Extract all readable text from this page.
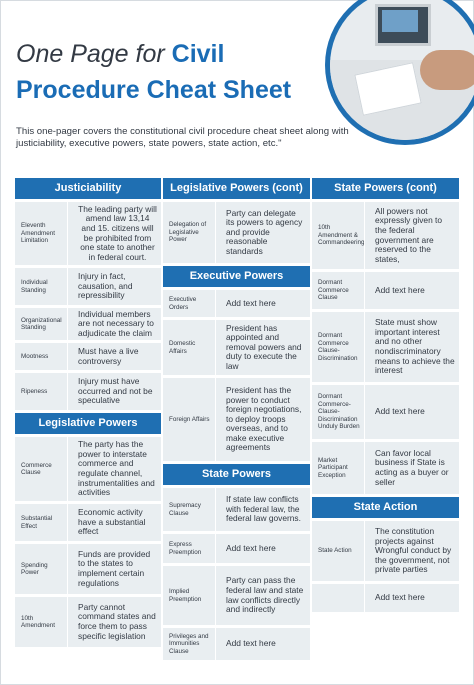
One Page for Civil
Procedure Cheat Sheet

This one-pager covers the constitutional civil procedure cheat sheet along with justiciability, executive powers, state powers, state action, etc."

Justiciability
Eleventh Amendment Limitation
The leading party will amend law 13,14 and 15. citizens will be prohibited from one state to another in federal court.
Individual Standing
Injury in fact, causation, and repressibility
Organizational Standing
Individual members are not necessary to adjudicate the claim
Mootness
Must have a live controversy
Ripeness
Injury must have occurred and not be speculative
Legislative Powers
Commerce Clause
The party has the power to interstate commerce and regulate channel, instrumentalities and activities
Substantial Effect
Economic activity have a substantial effect
Spending Power
Funds are provided to the states to implement certain regulations
10th Amendment
Party cannot command states and force them to pass specific legislation
Legislative Powers (cont)
Delegation of Legislative Power
Party can delegate its powers to agency and provide reasonable standards
Executive Powers
Executive Orders	Add text here
Domestic Affairs
President has appointed and removal powers and duty to execute the law
Foreign Affairs
President has the power to conduct foreign negotiations, to deploy troops overseas, and to make executive agreements
State Powers
Supremacy Clause
If state law conflicts with federal law, the federal law governs.
Express Preemption	Add text here
Implied Preemption
Party can pass the federal law and state law conflicts directly and indirectly
Privileges and Immunities Clause
Add text here
State Powers (cont)
10th Amendment & Commandeering
All powers not expressly given to the federal government are reserved to the states,
Dormant Commerce Clause
Add text here
Dormant Commerce Clause- Discrimination
State must show important interest and no other nondiscriminatory means to achieve the interest
Dormant Commerce-Clause-Discrimination Unduly Burden
Add text here
Market Participant Exception
Can favor local business if State is acting as a buyer or seller
State Action
State Action
The constitution projects against Wrongful conduct by the government, not private parties
Add text here
